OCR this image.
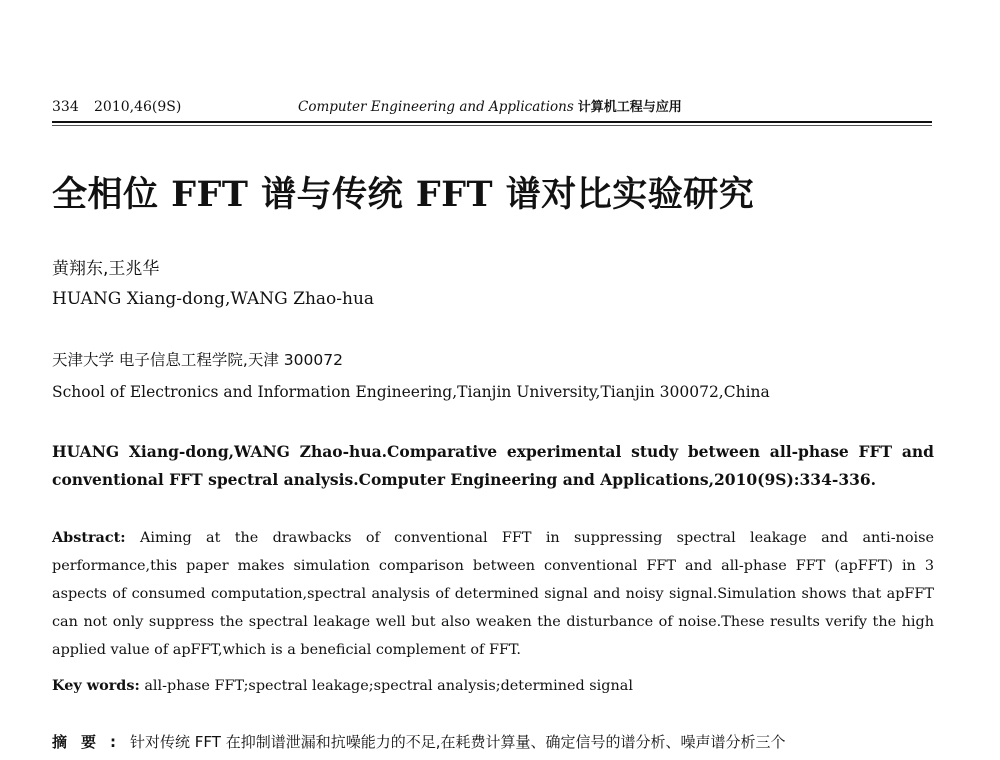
334 2010,46(9S)	Computer Engineering and Applications 计算机工程与应用
全相位 FFT 谱与传统 FFT 谱对比实验研究
黄翔东,王兆华
HUANG Xiang-dong,WANG Zhao-hua
天津大学 电子信息工程学院,天津 300072
School of Electronics and Information Engineering,Tianjin University,Tianjin 300072,China
HUANG Xiang-dong,WANG Zhao-hua.Comparative experimental study between all-phase FFT and conventional FFT spectral analysis.Computer Engineering and Applications,2010(9S):334-336.
Abstract: Aiming at the drawbacks of conventional FFT in suppressing spectral leakage and anti-noise performance,this paper makes simulation comparison between conventional FFT and all-phase FFT (apFFT) in 3 aspects of consumed computation,spectral analysis of determined signal and noisy signal.Simulation shows that apFFT can not only suppress the spectral leakage well but also weaken the disturbance of noise.These results verify the high applied value of apFFT,which is a beneficial complement of FFT.
Key words: all-phase FFT;spectral leakage;spectral analysis;determined signal
摘要:针对传统 FFT 在抑制谱泄漏和抗噪能力的不足,在耗费计算量、确定信号的谱分析、噪声谱分析三个
